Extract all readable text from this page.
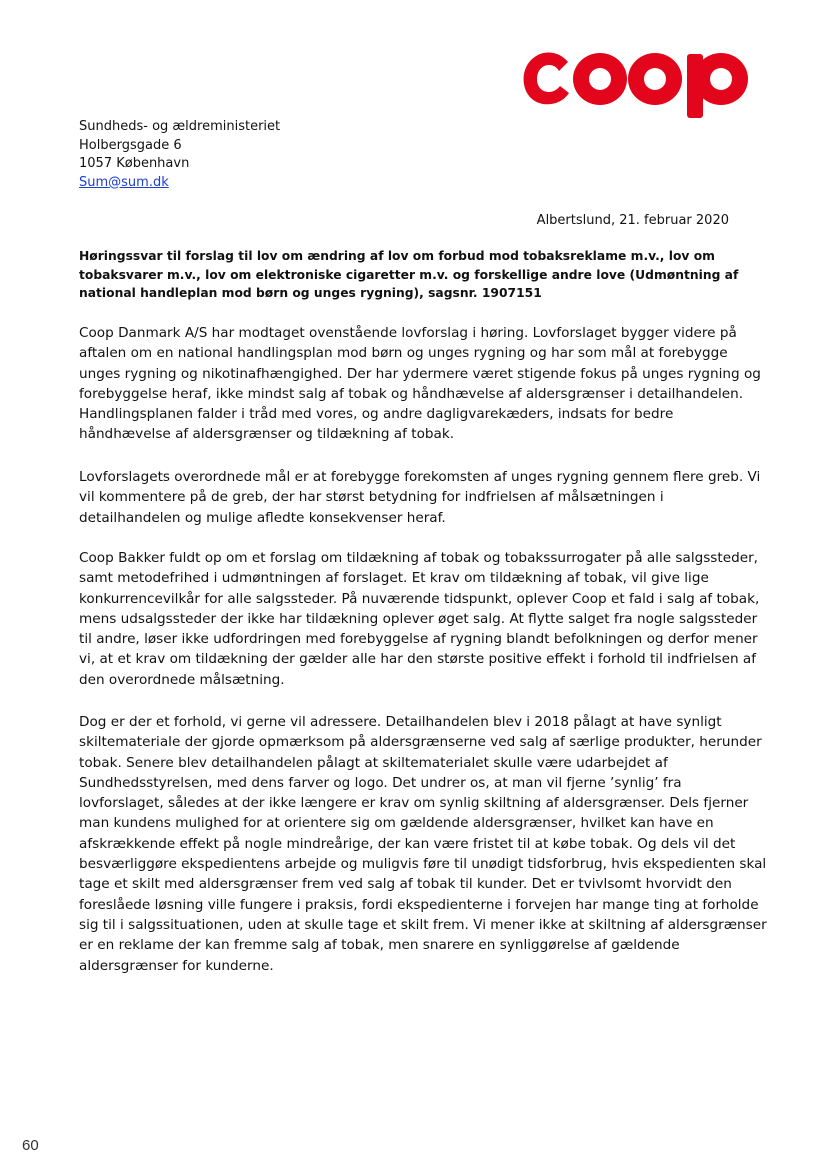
Sundheds- og ældreministeriet
Holbergsgade 6
1057 København
Sum@sum.dk
Albertslund, 21. februar 2020
Høringssvar til forslag til lov om ændring af lov om forbud mod tobaksreklame m.v., lov om tobaksvarer m.v., lov om elektroniske cigaretter m.v. og forskellige andre love (Udmøntning af national handleplan mod børn og unges rygning), sagsnr. 1907151

Coop Danmark A/S har modtaget ovenstående lovforslag i høring. Lovforslaget bygger videre på aftalen om en national handlingsplan mod børn og unges rygning og har som mål at forebygge unges rygning og nikotinafhængighed. Der har ydermere været stigende fokus på unges rygning og forebyggelse heraf, ikke mindst salg af tobak og håndhævelse af aldersgrænser i detailhandelen. Handlingsplanen falder i tråd med vores, og andre dagligvarekæders, indsats for bedre håndhævelse af aldersgrænser og tildækning af tobak.

Lovforslagets overordnede mål er at forebygge forekomsten af unges rygning gennem flere greb. Vi vil kommentere på de greb, der har størst betydning for indfrielsen af målsætningen i detailhandelen og mulige afledte konsekvenser heraf.

Coop Bakker fuldt op om et forslag om tildækning af tobak og tobakssurrogater på alle salgssteder, samt metodefrihed i udmøntningen af forslaget. Et krav om tildækning af tobak, vil give lige konkurrencevilkår for alle salgssteder. På nuværende tidspunkt, oplever Coop et fald i salg af tobak, mens udsalgssteder der ikke har tildækning oplever øget salg. At flytte salget fra nogle salgssteder til andre, løser ikke udfordringen med forebyggelse af rygning blandt befolkningen og derfor mener vi, at et krav om tildækning der gælder alle har den største positive effekt i forhold til indfrielsen af den overordnede målsætning.

Dog er der et forhold, vi gerne vil adressere. Detailhandelen blev i 2018 pålagt at have synligt skiltemateriale der gjorde opmærksom på aldersgrænserne ved salg af særlige produkter, herunder tobak. Senere blev detailhandelen pålagt at skiltematerialet skulle være udarbejdet af Sundhedsstyrelsen, med dens farver og logo. Det undrer os, at man vil fjerne ’synlig’ fra lovforslaget, således at der ikke længere er krav om synlig skiltning af aldersgrænser. Dels fjerner man kundens mulighed for at orientere sig om gældende aldersgrænser, hvilket kan have en afskrækkende effekt på nogle mindreårige, der kan være fristet til at købe tobak. Og dels vil det besværliggøre ekspedientens arbejde og muligvis føre til unødigt tidsforbrug, hvis ekspedienten skal tage et skilt med aldersgrænser frem ved salg af tobak til kunder. Det er tvivlsomt hvorvidt den foreslåede løsning ville fungere i praksis, fordi ekspedienterne i forvejen har mange ting at forholde sig til i salgssituationen, uden at skulle tage et skilt frem. Vi mener ikke at skiltning af aldersgrænser er en reklame der kan fremme salg af tobak, men snarere en synliggørelse af gældende aldersgrænser for kunderne.

60
